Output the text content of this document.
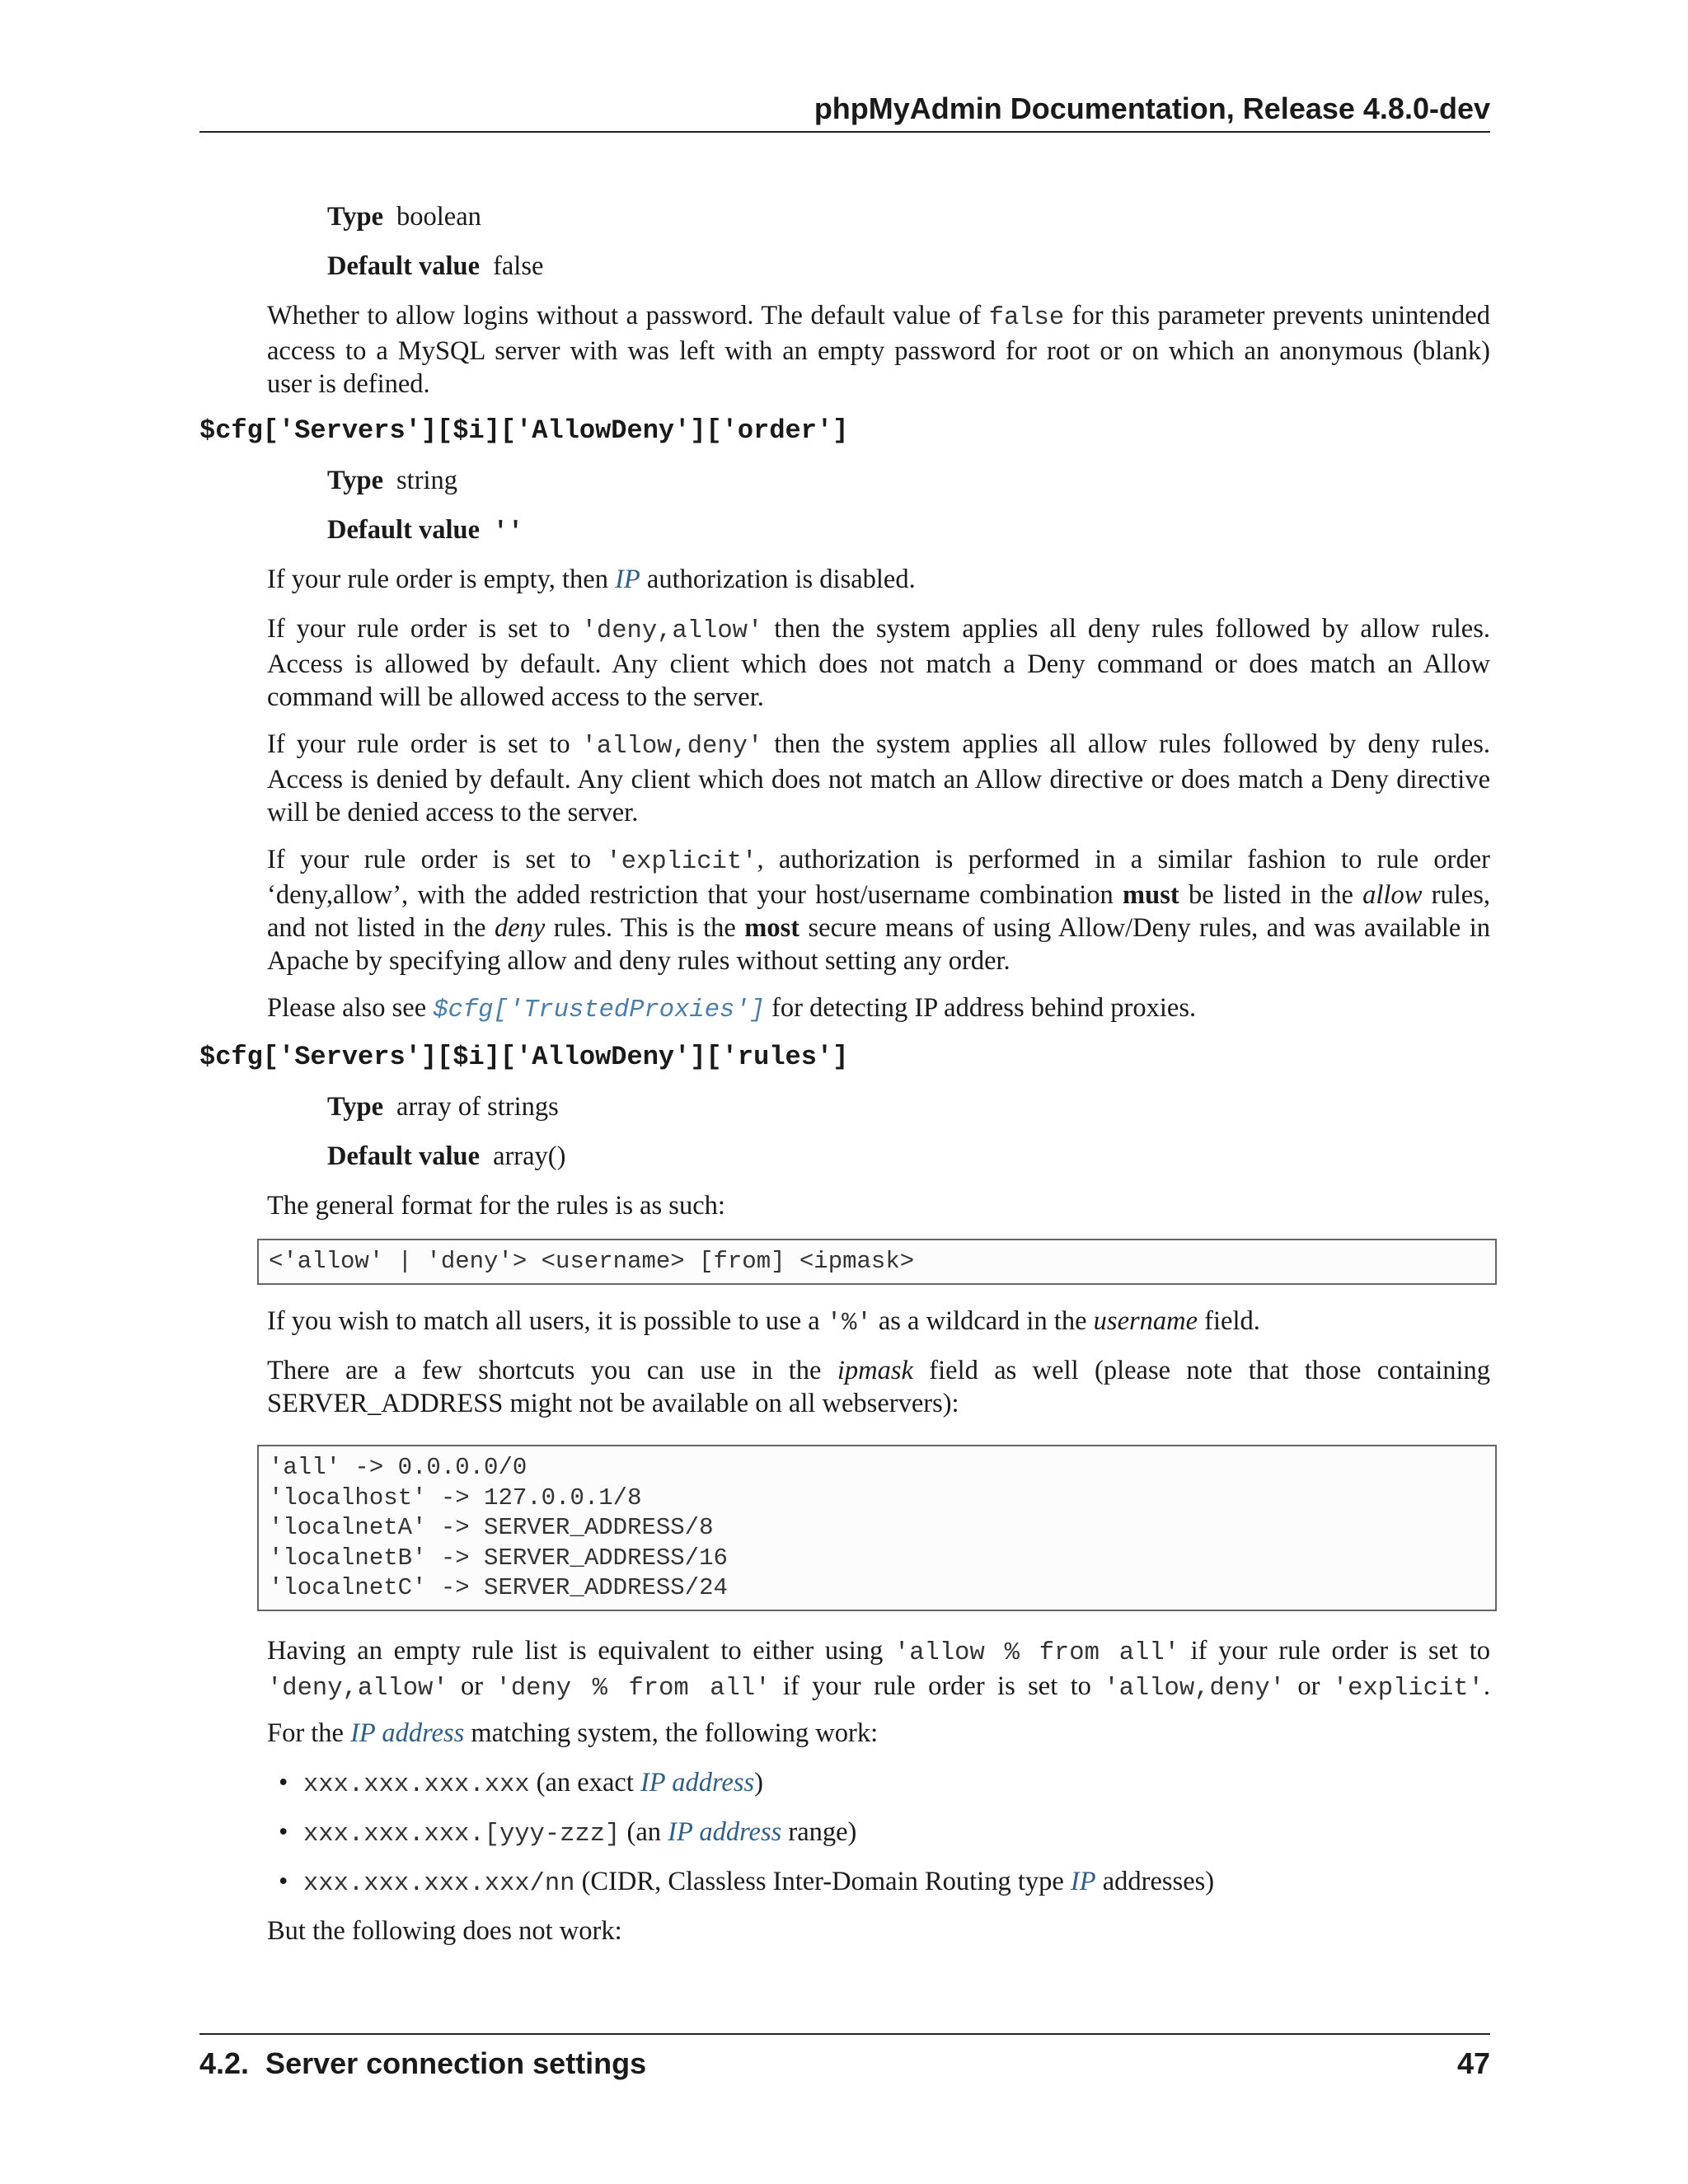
phpMyAdmin Documentation, Release 4.8.0-dev
Type boolean
Default value false
Whether to allow logins without a password. The default value of false for this parameter prevents unintended
access to a MySQL server with was left with an empty password for root or on which an anonymous (blank)
user is defined.
$cfg['Servers'][$i]['AllowDeny']['order']
Type string
Default value ''
If your rule order is empty, then IP authorization is disabled.
If your rule order is set to 'deny,allow' then the system applies all deny rules followed by allow rules.
Access is allowed by default. Any client which does not match a Deny command or does match an Allow
command will be allowed access to the server.
If your rule order is set to 'allow,deny' then the system applies all allow rules followed by deny rules.
Access is denied by default. Any client which does not match an Allow directive or does match a Deny directive
will be denied access to the server.
If your rule order is set to 'explicit', authorization is performed in a similar fashion to rule order
‘deny,allow’, with the added restriction that your host/username combination must be listed in the allow rules,
and not listed in the deny rules. This is the most secure means of using Allow/Deny rules, and was available in
Apache by specifying allow and deny rules without setting any order.
Please also see $cfg['TrustedProxies'] for detecting IP address behind proxies.
$cfg['Servers'][$i]['AllowDeny']['rules']
Type array of strings
Default value array()
The general format for the rules is as such:
<'allow' | 'deny'> <username> [from] <ipmask>
If you wish to match all users, it is possible to use a '%' as a wildcard in the username field.
There are a few shortcuts you can use in the ipmask field as well (please note that those containing
SERVER_ADDRESS might not be available on all webservers):
'all' -> 0.0.0.0/0
'localhost' -> 127.0.0.1/8
'localnetA' -> SERVER_ADDRESS/8
'localnetB' -> SERVER_ADDRESS/16
'localnetC' -> SERVER_ADDRESS/24
Having an empty rule list is equivalent to either using 'allow % from all' if your rule order is set to
'deny,allow' or 'deny % from all' if your rule order is set to 'allow,deny' or 'explicit'.
For the IP address matching system, the following work:
• xxx.xxx.xxx.xxx (an exact IP address)
• xxx.xxx.xxx.[yyy-zzz] (an IP address range)
• xxx.xxx.xxx.xxx/nn (CIDR, Classless Inter-Domain Routing type IP addresses)
But the following does not work:
4.2.  Server connection settings	47
